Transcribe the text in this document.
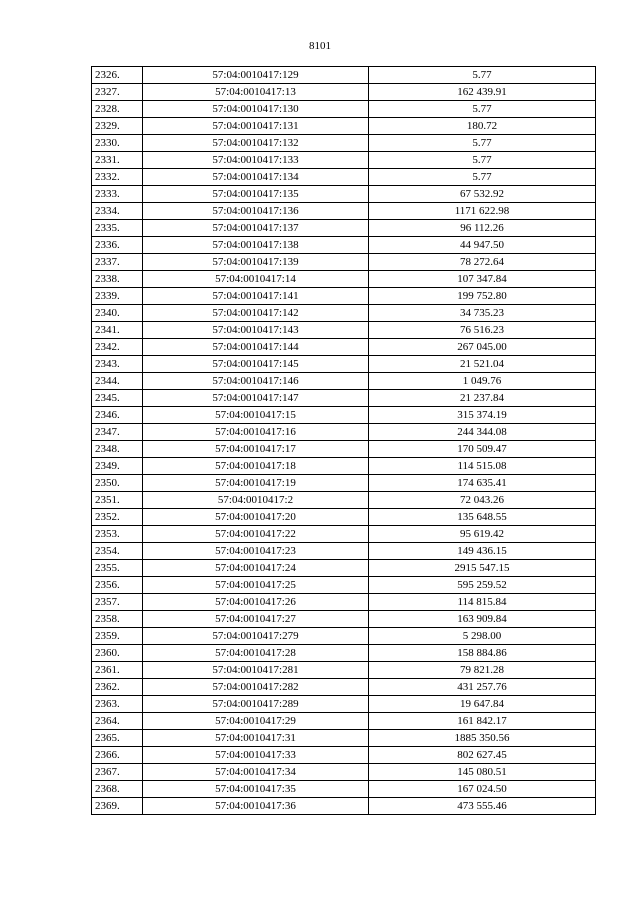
8101
2326.	57:04:0010417:129	5.77
2327.	57:04:0010417:13	162 439.91
2328.	57:04:0010417:130	5.77
2329.	57:04:0010417:131	180.72
2330.	57:04:0010417:132	5.77
2331.	57:04:0010417:133	5.77
2332.	57:04:0010417:134	5.77
2333.	57:04:0010417:135	67 532.92
2334.	57:04:0010417:136	1171 622.98
2335.	57:04:0010417:137	96 112.26
2336.	57:04:0010417:138	44 947.50
2337.	57:04:0010417:139	78 272.64
2338.	57:04:0010417:14	107 347.84
2339.	57:04:0010417:141	199 752.80
2340.	57:04:0010417:142	34 735.23
2341.	57:04:0010417:143	76 516.23
2342.	57:04:0010417:144	267 045.00
2343.	57:04:0010417:145	21 521.04
2344.	57:04:0010417:146	1 049.76
2345.	57:04:0010417:147	21 237.84
2346.	57:04:0010417:15	315 374.19
2347.	57:04:0010417:16	244 344.08
2348.	57:04:0010417:17	170 509.47
2349.	57:04:0010417:18	114 515.08
2350.	57:04:0010417:19	174 635.41
2351.	57:04:0010417:2	72 043.26
2352.	57:04:0010417:20	135 648.55
2353.	57:04:0010417:22	95 619.42
2354.	57:04:0010417:23	149 436.15
2355.	57:04:0010417:24	2915 547.15
2356.	57:04:0010417:25	595 259.52
2357.	57:04:0010417:26	114 815.84
2358.	57:04:0010417:27	163 909.84
2359.	57:04:0010417:279	5 298.00
2360.	57:04:0010417:28	158 884.86
2361.	57:04:0010417:281	79 821.28
2362.	57:04:0010417:282	431 257.76
2363.	57:04:0010417:289	19 647.84
2364.	57:04:0010417:29	161 842.17
2365.	57:04:0010417:31	1885 350.56
2366.	57:04:0010417:33	802 627.45
2367.	57:04:0010417:34	145 080.51
2368.	57:04:0010417:35	167 024.50
2369.	57:04:0010417:36	473 555.46
